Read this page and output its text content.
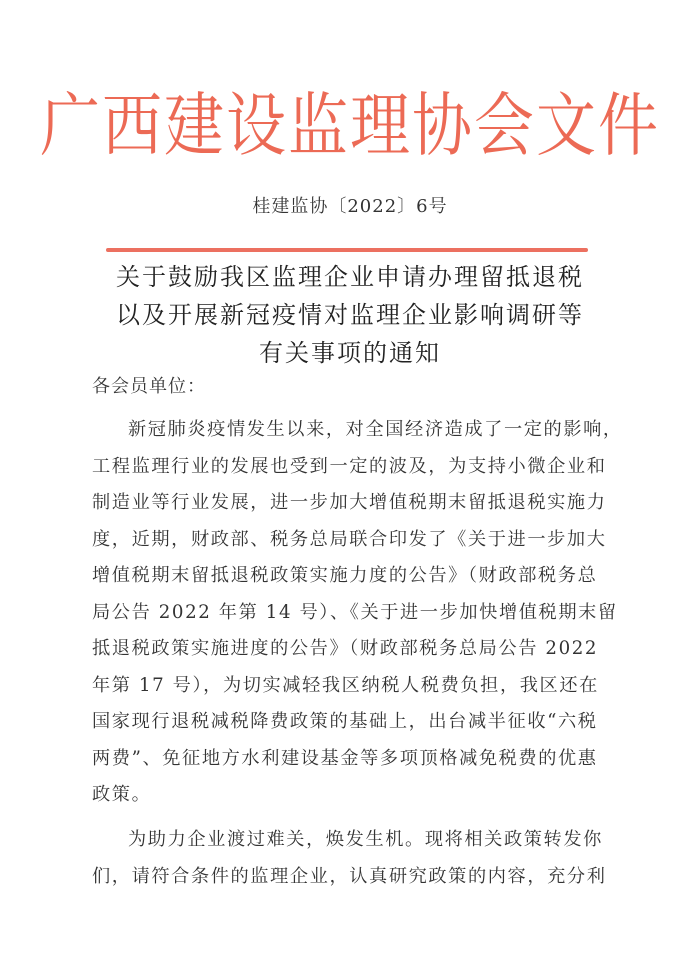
广西建设监理协会文件
桂建监协〔2022〕6号
关于鼓励我区监理企业申请办理留抵退税
以及开展新冠疫情对监理企业影响调研等
有关事项的通知
各会员单位：
新冠肺炎疫情发生以来，对全国经济造成了一定的影响，
工程监理行业的发展也受到一定的波及，为支持小微企业和
制造业等行业发展，进一步加大增值税期末留抵退税实施力
度，近期，财政部、税务总局联合印发了《关于进一步加大
增值税期末留抵退税政策实施力度的公告》（财政部税务总
局公告 2022 年第 14 号）、《关于进一步加快增值税期末留
抵退税政策实施进度的公告》（财政部税务总局公告 2022
年第 17 号），为切实减轻我区纳税人税费负担，我区还在
国家现行退税减税降费政策的基础上，出台减半征收“六税
两费”、免征地方水利建设基金等多项顶格减免税费的优惠
政策。
为助力企业渡过难关，焕发生机。现将相关政策转发你
们，请符合条件的监理企业，认真研究政策的内容，充分利
